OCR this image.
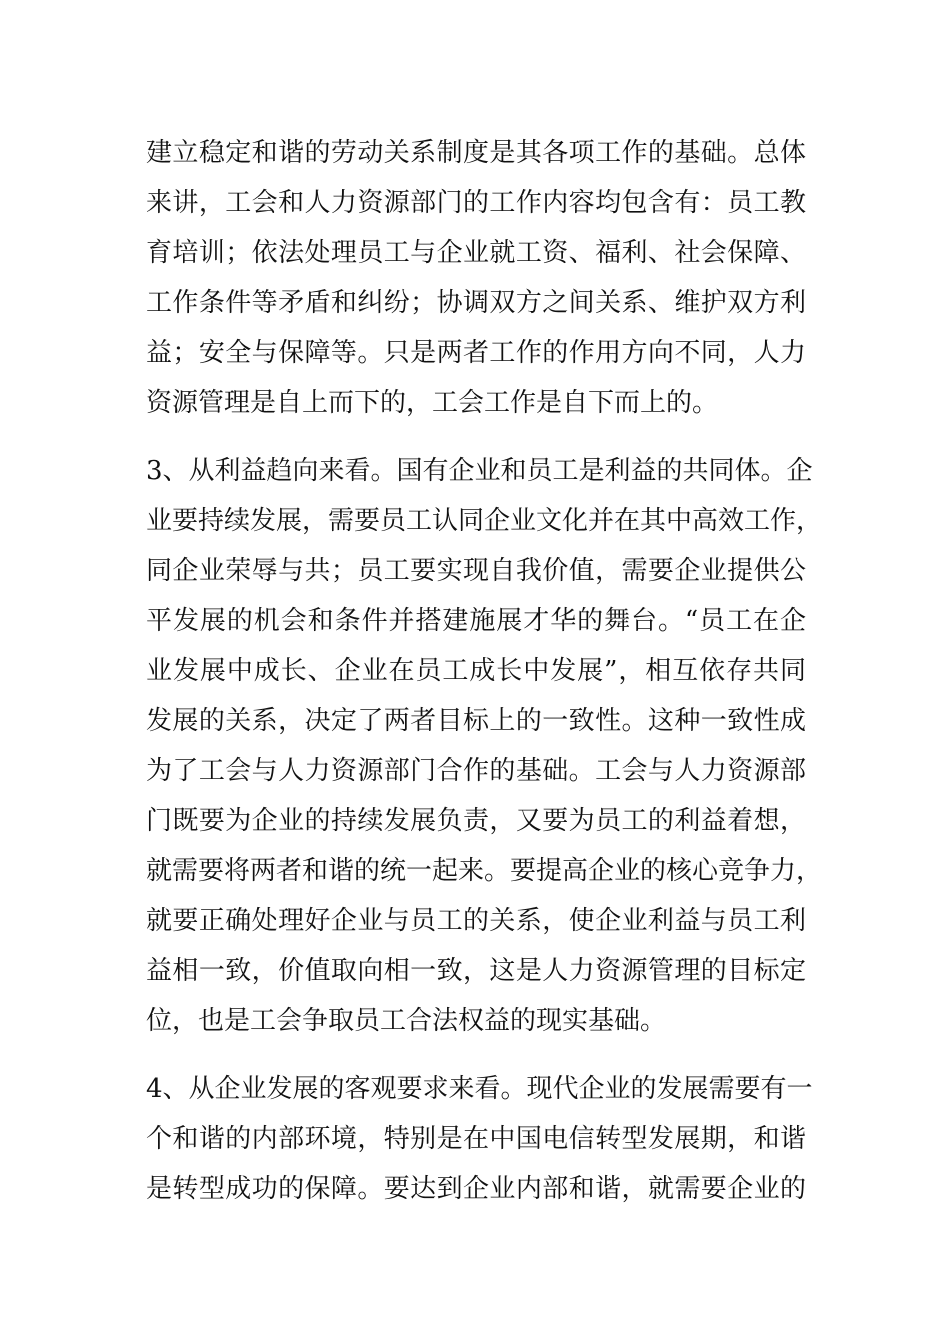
建立稳定和谐的劳动关系制度是其各项工作的基础。总体
来讲，工会和人力资源部门的工作内容均包含有：员工教
育培训；依法处理员工与企业就工资、福利、社会保障、
工作条件等矛盾和纠纷；协调双方之间关系、维护双方利
益；安全与保障等。只是两者工作的作用方向不同，人力
资源管理是自上而下的，工会工作是自下而上的。

3、从利益趋向来看。国有企业和员工是利益的共同体。企
业要持续发展，需要员工认同企业文化并在其中高效工作，
同企业荣辱与共；员工要实现自我价值，需要企业提供公
平发展的机会和条件并搭建施展才华的舞台。“员工在企
业发展中成长、企业在员工成长中发展”，相互依存共同
发展的关系，决定了两者目标上的一致性。这种一致性成
为了工会与人力资源部门合作的基础。工会与人力资源部
门既要为企业的持续发展负责，又要为员工的利益着想，
就需要将两者和谐的统一起来。要提高企业的核心竞争力，
就要正确处理好企业与员工的关系，使企业利益与员工利
益相一致，价值取向相一致，这是人力资源管理的目标定
位，也是工会争取员工合法权益的现实基础。

4、从企业发展的客观要求来看。现代企业的发展需要有一
个和谐的内部环境，特别是在中国电信转型发展期，和谐
是转型成功的保障。要达到企业内部和谐，就需要企业的
